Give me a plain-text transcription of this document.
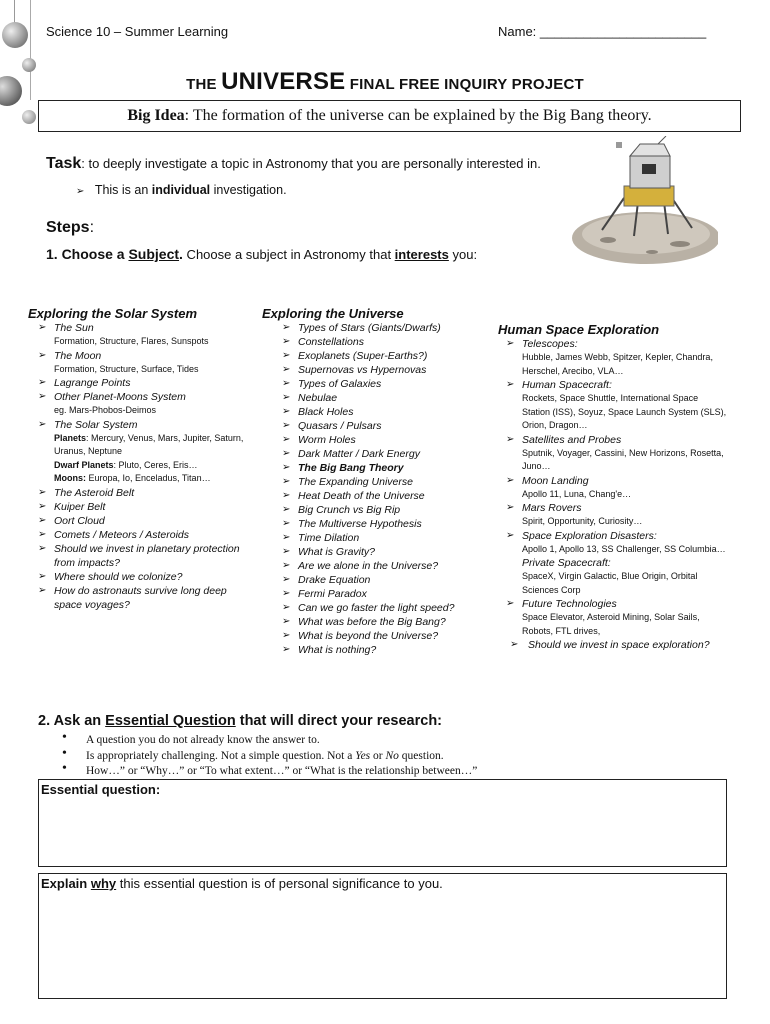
Science 10 – Summer Learning	Name: _______________________
THE UNIVERSE FINAL FREE INQUIRY PROJECT
Big Idea: The formation of the universe can be explained by the Big Bang theory.
Task: to deeply investigate a topic in Astronomy that you are personally interested in.
➢ This is an individual investigation.
Steps:
1. Choose a Subject. Choose a subject in Astronomy that interests you:
Exploring the Solar System
➢ The Sun
Formation, Structure, Flares, Sunspots
➢ The Moon
Formation, Structure, Surface, Tides
➢ Lagrange Points
➢ Other Planet-Moons System
eg. Mars-Phobos-Deimos
➢ The Solar System
Planets: Mercury, Venus, Mars, Jupiter, Saturn, Uranus, Neptune
Dwarf Planets: Pluto, Ceres, Eris…
Moons: Europa, Io, Enceladus, Titan…
➢ The Asteroid Belt
➢ Kuiper Belt
➢ Oort Cloud
➢ Comets / Meteors / Asteroids
➢ Should we invest in planetary protection from impacts?
➢ Where should we colonize?
➢ How do astronauts survive long deep space voyages?
Exploring the Universe
➢ Types of Stars (Giants/Dwarfs)
➢ Constellations
➢ Exoplanets (Super-Earths?)
➢ Supernovas vs Hypernovas
➢ Types of Galaxies
➢ Nebulae
➢ Black Holes
➢ Quasars / Pulsars
➢ Worm Holes
➢ Dark Matter / Dark Energy
➢ The Big Bang Theory
➢ The Expanding Universe
➢ Heat Death of the Universe
➢ Big Crunch vs Big Rip
➢ The Multiverse Hypothesis
➢ Time Dilation
➢ What is Gravity?
➢ Are we alone in the Universe?
➢ Drake Equation
➢ Fermi Paradox
➢ Can we go faster the light speed?
➢ What was before the Big Bang?
➢ What is beyond the Universe?
➢ What is nothing?
Human Space Exploration
➢ Telescopes:
Hubble, James Webb, Spitzer, Kepler, Chandra, Herschel, Arecibo, VLA…
➢ Human Spacecraft:
Rockets, Space Shuttle, International Space Station (ISS), Soyuz, Space Launch System (SLS), Orion, Dragon…
➢ Satellites and Probes
Sputnik, Voyager, Cassini, New Horizons, Rosetta, Juno…
➢ Moon Landing
Apollo 11, Luna, Chang'e…
➢ Mars Rovers
Spirit, Opportunity, Curiosity…
➢ Space Exploration Disasters:
Apollo 1, Apollo 13, SS Challenger, SS Columbia…
Private Spacecraft:
SpaceX, Virgin Galactic, Blue Origin, Orbital Sciences Corp
➢ Future Technologies
Space Elevator, Asteroid Mining, Solar Sails, Robots, FTL drives,
➢ Should we invest in space exploration?
2. Ask an Essential Question that will direct your research:
• A question you do not already know the answer to.
• Is appropriately challenging. Not a simple question. Not a Yes or No question.
• How…” or “Why…” or “To what extent…” or “What is the relationship between…”
Essential question:
Explain why this essential question is of personal significance to you.
